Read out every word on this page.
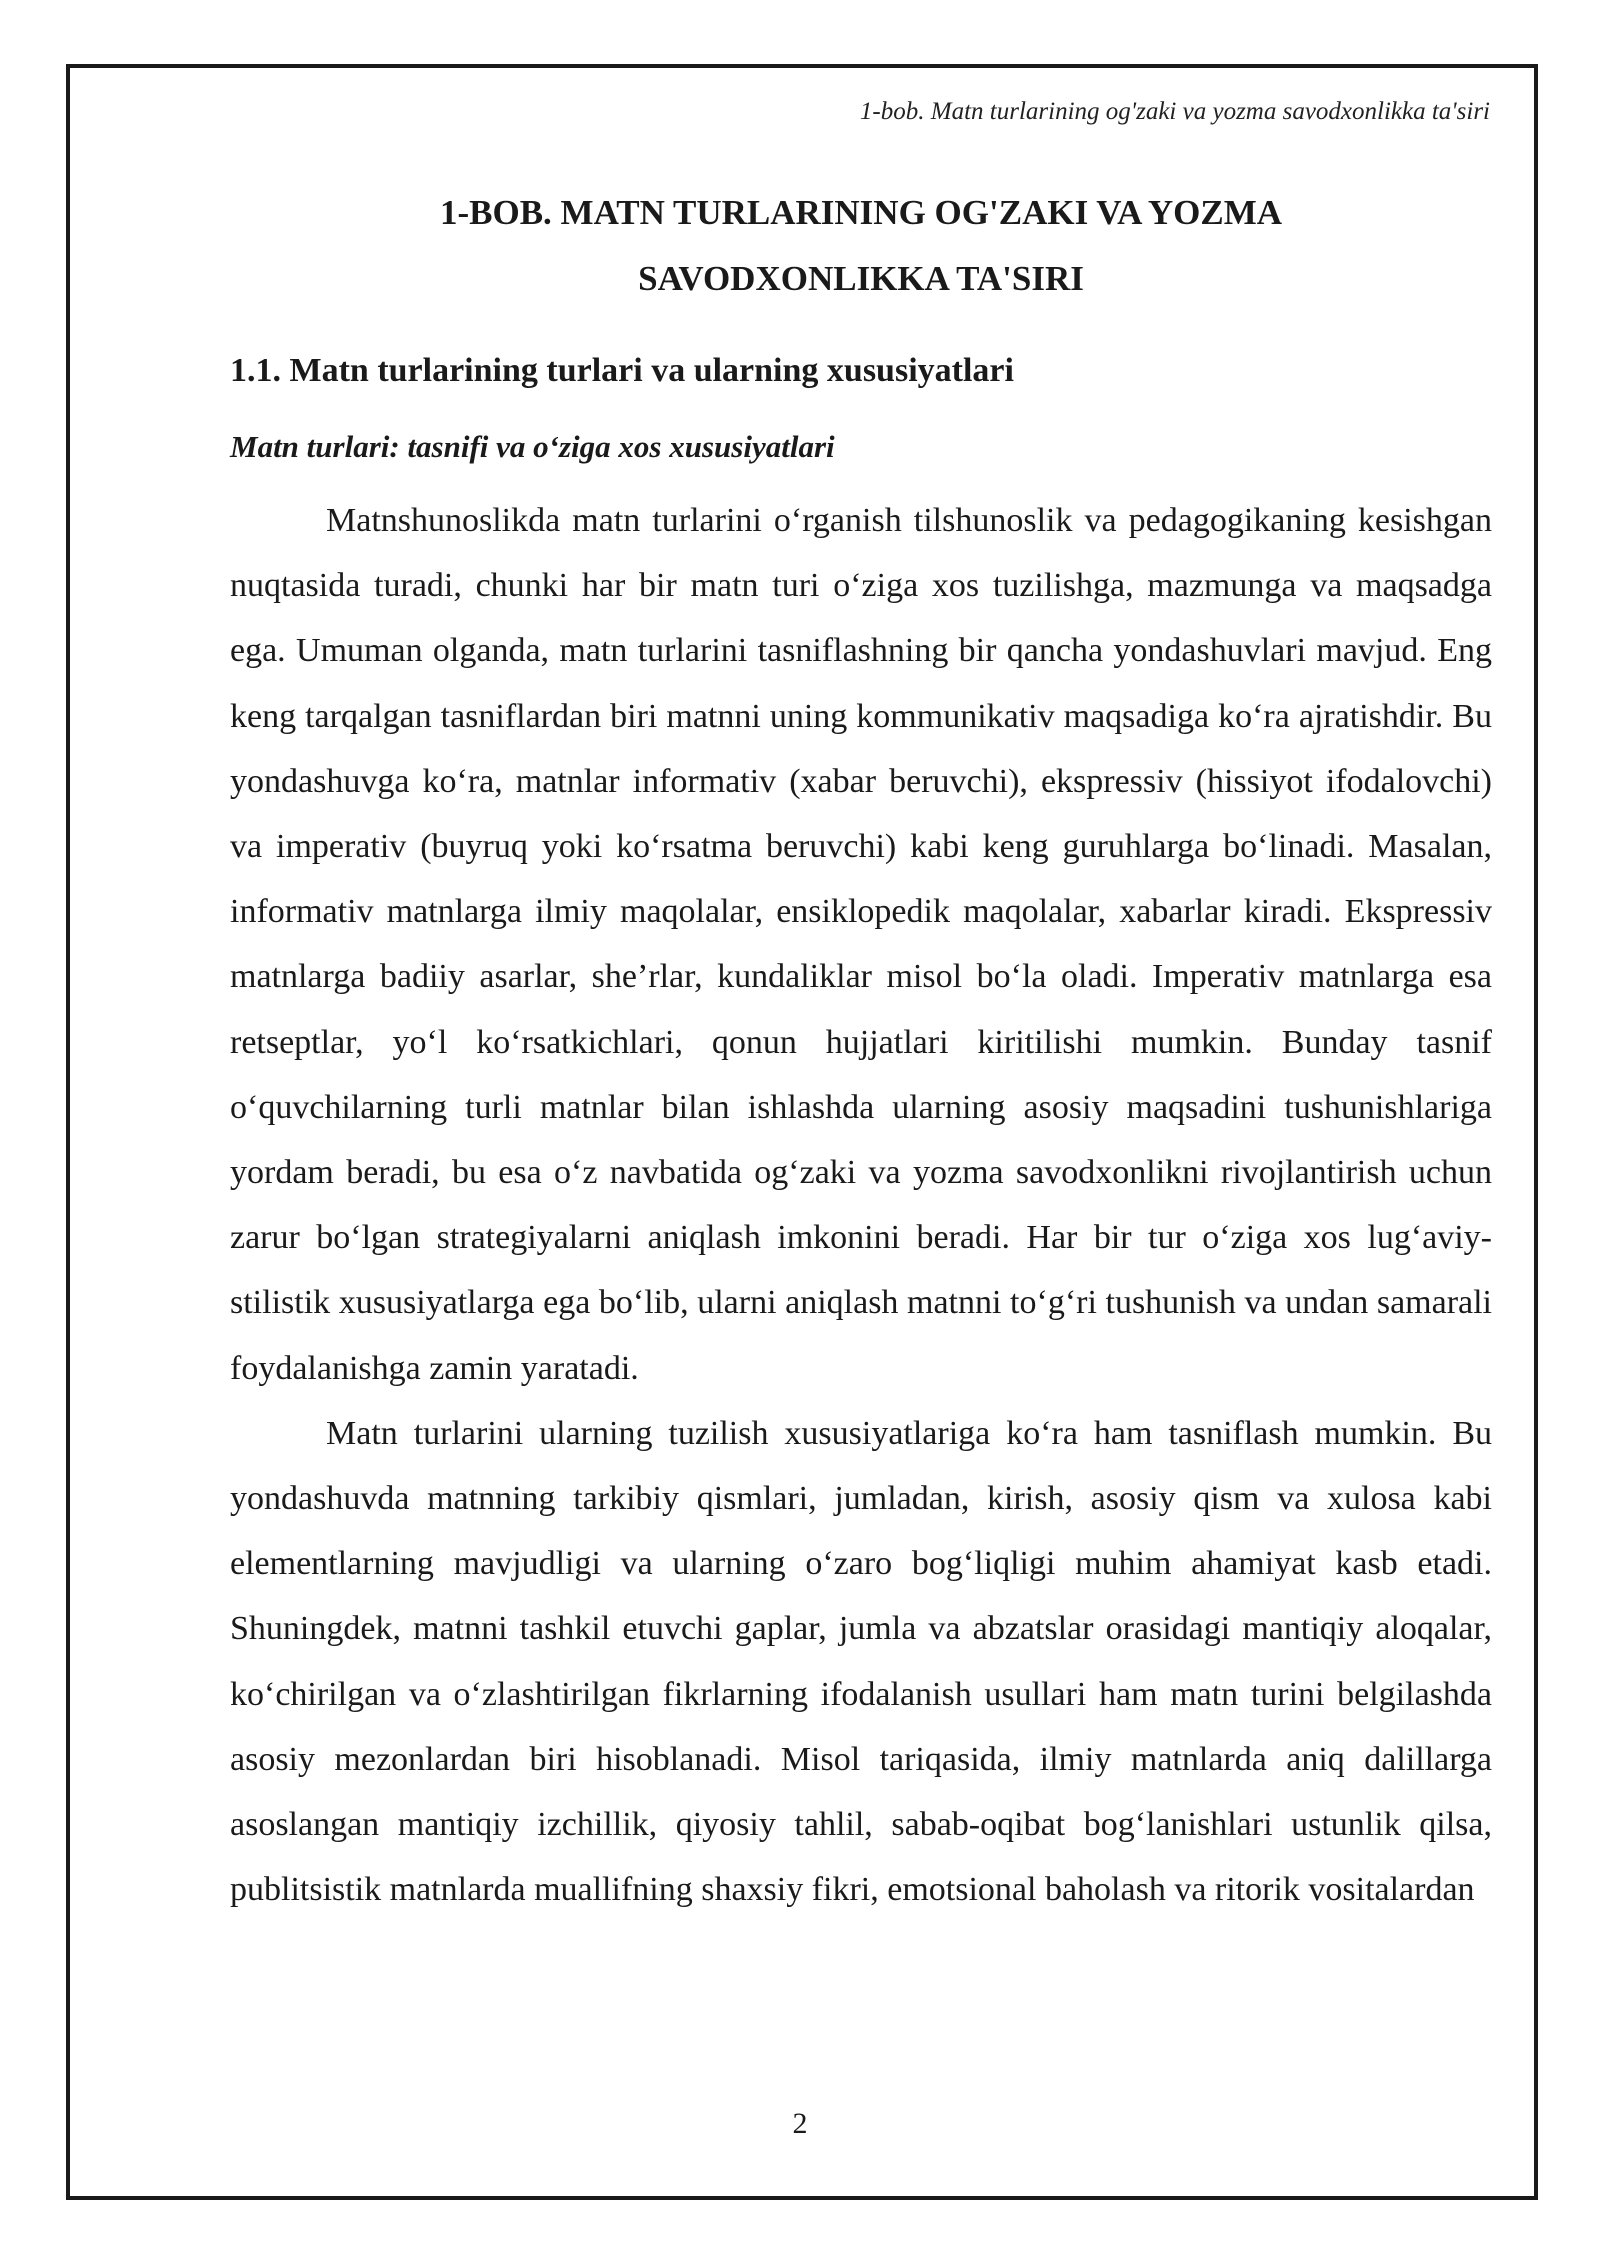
1-bob. Matn turlarining og'zaki va yozma savodxonlikka ta'siri
1-BOB. MATN TURLARINING OG'ZAKI VA YOZMA
SAVODXONLIKKA TA'SIRI
1.1. Matn turlarining turlari va ularning xususiyatlari
Matn turlari: tasnifi va o‘ziga xos xususiyatlari

Matnshunoslikda matn turlarini o‘rganish tilshunoslik va pedagogikaning kesishgan nuqtasida turadi, chunki har bir matn turi o‘ziga xos tuzilishga, mazmunga va maqsadga ega. Umuman olganda, matn turlarini tasniflashning bir qancha yondashuvlari mavjud. Eng keng tarqalgan tasniflardan biri matnni uning kommunikativ maqsadiga ko‘ra ajratishdir. Bu yondashuvga ko‘ra, matnlar informativ (xabar beruvchi), ekspressiv (hissiyot ifodalovchi) va imperativ (buyruq yoki ko‘rsatma beruvchi) kabi keng guruhlarga bo‘linadi. Masalan, informativ matnlarga ilmiy maqolalar, ensiklopedik maqolalar, xabarlar kiradi. Ekspressiv matnlarga badiiy asarlar, she’rlar, kundaliklar misol bo‘la oladi. Imperativ matnlarga esa retseptlar, yo‘l ko‘rsatkichlari, qonun hujjatlari kiritilishi mumkin. Bunday tasnif o‘quvchilarning turli matnlar bilan ishlashda ularning asosiy maqsadini tushunishlariga yordam beradi, bu esa o‘z navbatida og‘zaki va yozma savodxonlikni rivojlantirish uchun zarur bo‘lgan strategiyalarni aniqlash imkonini beradi. Har bir tur o‘ziga xos lug‘aviy-stilistik xususiyatlarga ega bo‘lib, ularni aniqlash matnni to‘g‘ri tushunish va undan samarali foydalanishga zamin yaratadi.

Matn turlarini ularning tuzilish xususiyatlariga ko‘ra ham tasniflash mumkin. Bu yondashuvda matnning tarkibiy qismlari, jumladan, kirish, asosiy qism va xulosa kabi elementlarning mavjudligi va ularning o‘zaro bog‘liqligi muhim ahamiyat kasb etadi. Shuningdek, matnni tashkil etuvchi gaplar, jumla va abzatslar orasidagi mantiqiy aloqalar, ko‘chirilgan va o‘zlashtirilgan fikrlarning ifodalanish usullari ham matn turini belgilashda asosiy mezonlardan biri hisoblanadi. Misol tariqasida, ilmiy matnlarda aniq dalillarga asoslangan mantiqiy izchillik, qiyosiy tahlil, sabab-oqibat bog‘lanishlari ustunlik qilsa, publitsistik matnlarda muallifning shaxsiy fikri, emotsional baholash va ritorik vositalardan

2
